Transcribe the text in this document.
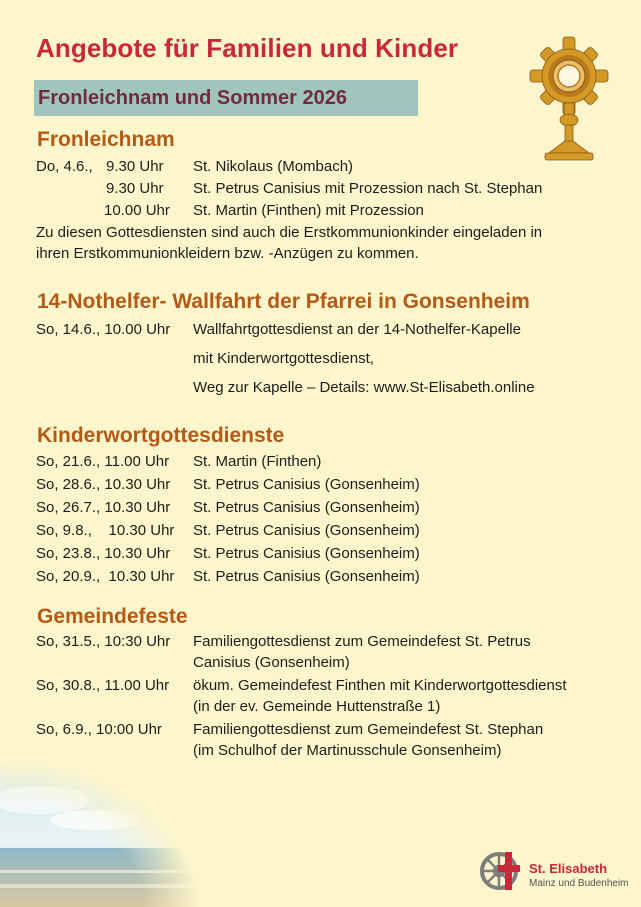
Angebote für Familien und Kinder
Fronleichnam und Sommer 2026
Fronleichnam
Do, 4.6., 9.30 Uhr St. Nikolaus (Mombach)
9.30 Uhr St. Petrus Canisius mit Prozession nach St. Stephan
10.00 Uhr St. Martin (Finthen) mit Prozession
Zu diesen Gottesdiensten sind auch die Erstkommunionkinder eingeladen in
ihren Erstkommunionkleidern bzw. -Anzügen zu kommen.
14-Nothelfer- Wallfahrt der Pfarrei in Gonsenheim
So, 14.6., 10.00 Uhr Wallfahrtgottesdienst an der 14-Nothelfer-Kapelle
mit Kinderwortgottesdienst,
Weg zur Kapelle – Details: www.St-Elisabeth.online
Kinderwortgottesdienste
So, 21.6., 11.00 Uhr St. Martin (Finthen)
So, 28.6., 10.30 Uhr St. Petrus Canisius (Gonsenheim)
So, 26.7., 10.30 Uhr St. Petrus Canisius (Gonsenheim)
So, 9.8.,    10.30 Uhr St. Petrus Canisius (Gonsenheim)
So, 23.8., 10.30 Uhr St. Petrus Canisius (Gonsenheim)
So, 20.9.,  10.30 Uhr St. Petrus Canisius (Gonsenheim)
Gemeindefeste
So, 31.5., 10:30 Uhr Familiengottesdienst zum Gemeindefest St. Petrus
Canisius (Gonsenheim)
So, 30.8., 11.00 Uhr ökum. Gemeindefest Finthen mit Kinderwortgottesdienst
(in der ev. Gemeinde Huttenstraße 1)
So, 6.9., 10:00 Uhr Familiengottesdienst zum Gemeindefest St. Stephan
(im Schulhof der Martinusschule Gonsenheim)
St. Elisabeth
Mainz und Budenheim
